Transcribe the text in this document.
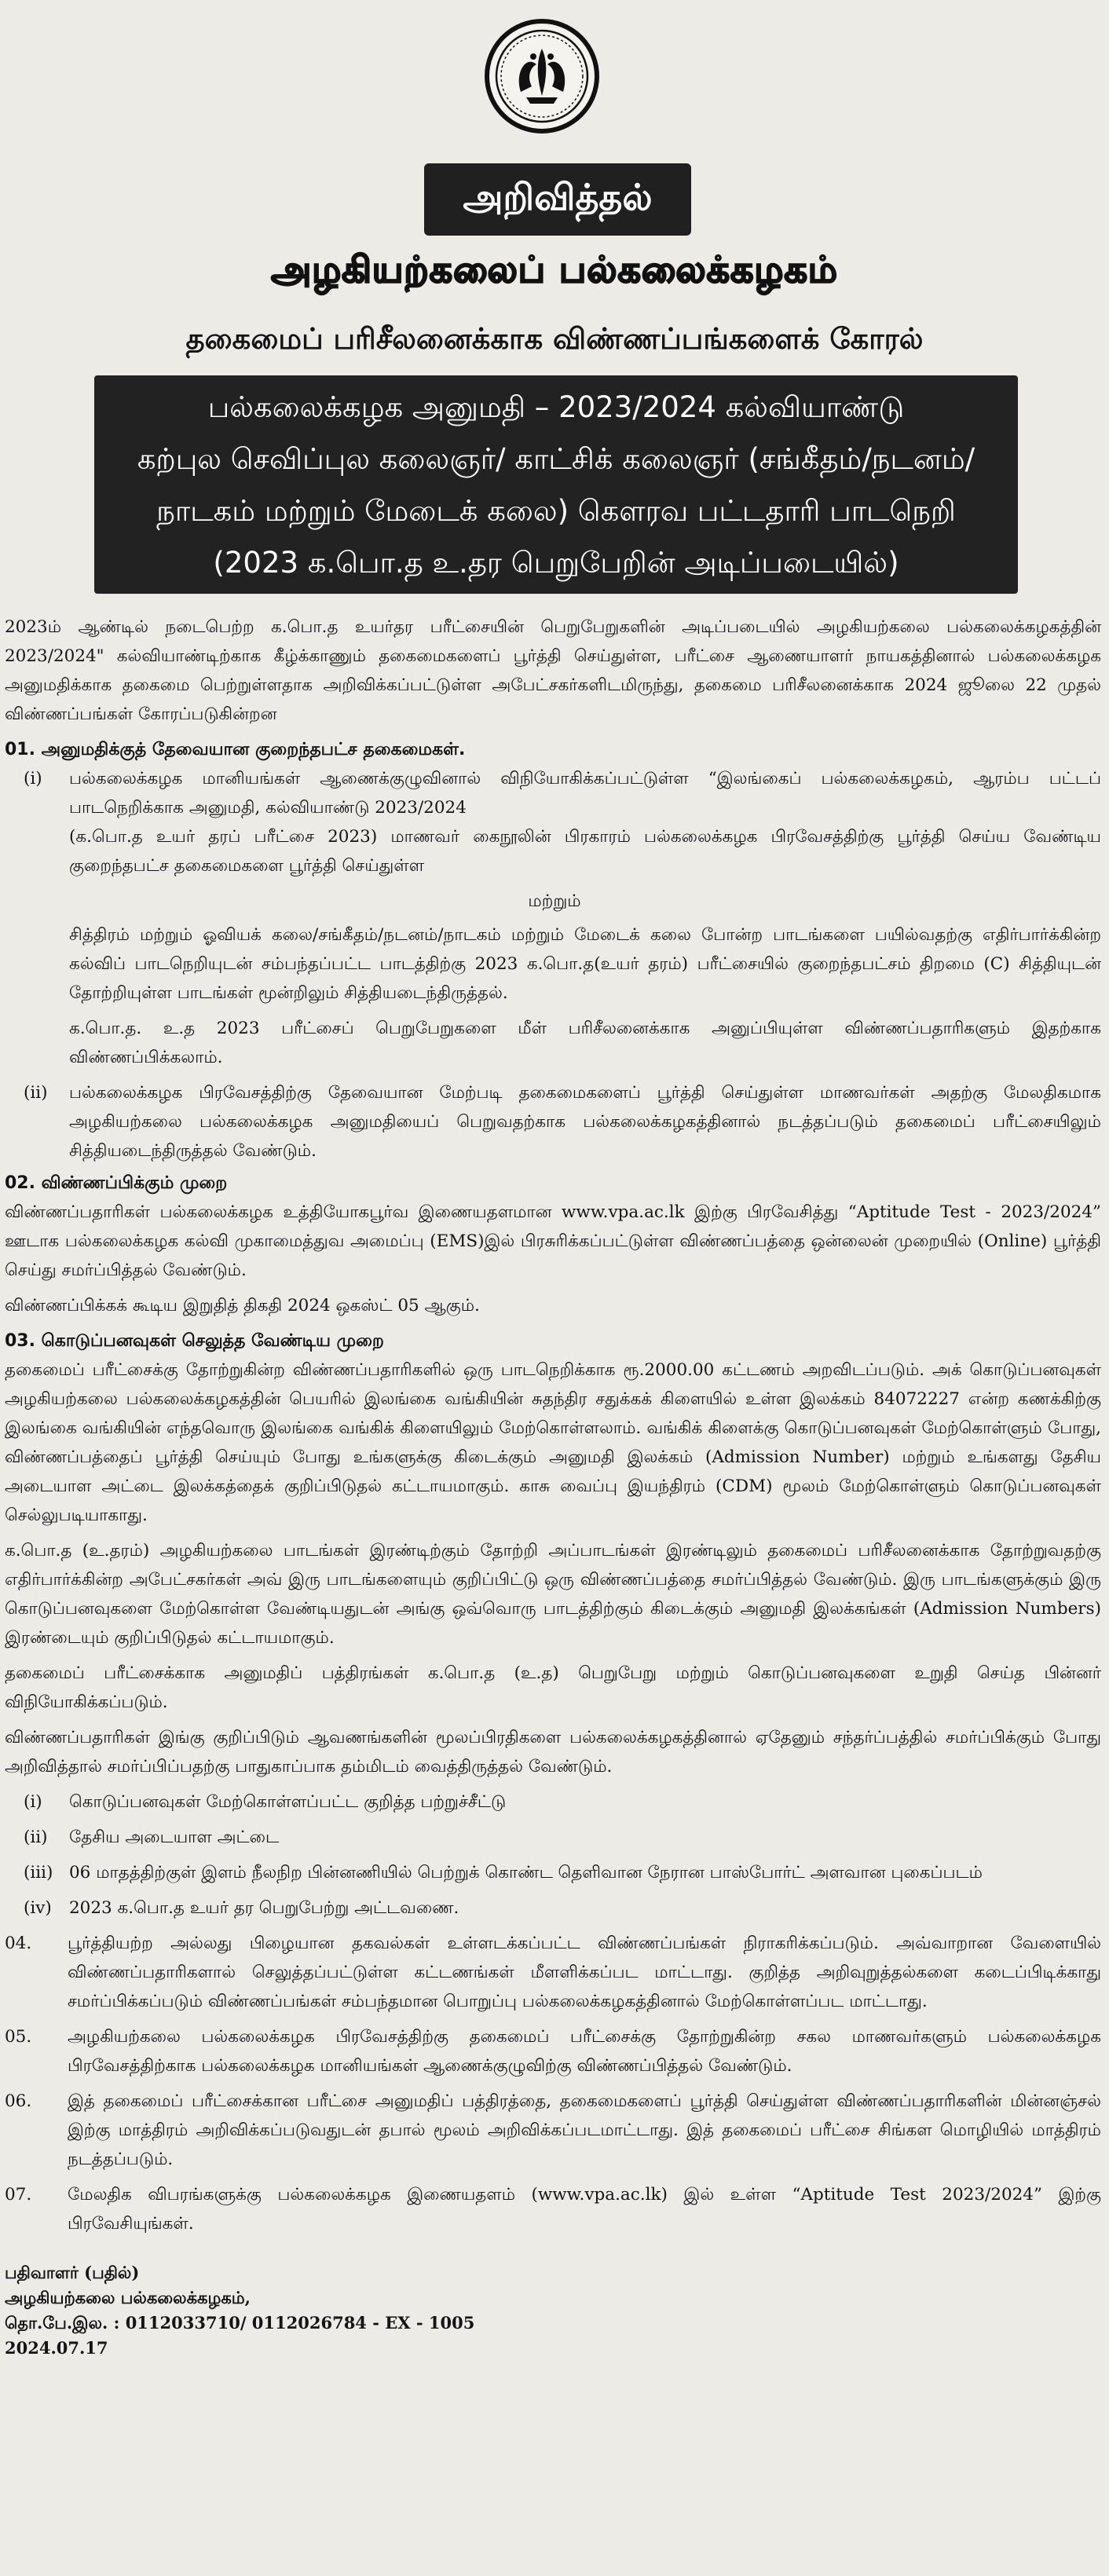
அறிவித்தல்
அழகியற்கலைப் பல்கலைக்கழகம்
தகைமைப் பரிசீலனைக்காக விண்ணப்பங்களைக் கோரல்
பல்கலைக்கழக அனுமதி – 2023/2024 கல்வியாண்டு
கற்புல செவிப்புல கலைஞர்/ காட்சிக் கலைஞர் (சங்கீதம்/நடனம்/
நாடகம் மற்றும் மேடைக் கலை) கௌரவ பட்டதாரி பாடநெறி
(2023 க.பொ.த உ.தர பெறுபேறின் அடிப்படையில்)
2023ம் ஆண்டில் நடைபெற்ற க.பொ.த உயர்தர பரீட்சையின் பெறுபேறுகளின் அடிப்படையில் அழகியற்கலை பல்கலைக்கழகத்தின் 2023/2024" கல்வியாண்டிற்காக கீழ்க்காணும் தகைமைகளைப் பூர்த்தி செய்துள்ள, பரீட்சை ஆணையாளர் நாயகத்தினால் பல்கலைக்கழக அனுமதிக்காக தகைமை பெற்றுள்ளதாக அறிவிக்கப்பட்டுள்ள அபேட்சகர்களிடமிருந்து, தகைமை பரிசீலனைக்காக 2024 ஜூலை 22 முதல் விண்ணப்பங்கள் கோரப்படுகின்றன
01. அனுமதிக்குத் தேவையான குறைந்தபட்ச தகைமைகள்.
(i)	பல்கலைக்கழக மானியங்கள் ஆணைக்குழுவினால் விநியோகிக்கப்பட்டுள்ள “இலங்கைப் பல்கலைக்கழகம், ஆரம்ப பட்டப் பாடநெறிக்காக அனுமதி, கல்வியாண்டு 2023/2024
(க.பொ.த உயர் தரப் பரீட்சை 2023) மாணவர் கைநூலின் பிரகாரம் பல்கலைக்கழக பிரவேசத்திற்கு பூர்த்தி செய்ய வேண்டிய குறைந்தபட்ச தகைமைகளை பூர்த்தி செய்துள்ள
மற்றும்
சித்திரம் மற்றும் ஓவியக் கலை/சங்கீதம்/நடனம்/நாடகம் மற்றும் மேடைக் கலை போன்ற பாடங்களை பயில்வதற்கு எதிர்பார்க்கின்ற கல்விப் பாடநெறியுடன் சம்பந்தப்பட்ட பாடத்திற்கு 2023 க.பொ.த(உயர் தரம்) பரீட்சையில் குறைந்தபட்சம் திறமை (C) சித்தியுடன் தோற்றியுள்ள பாடங்கள் மூன்றிலும் சித்தியடைந்திருத்தல்.
க.பொ.த. உ.த 2023 பரீட்சைப் பெறுபேறுகளை மீள் பரிசீலனைக்காக அனுப்பியுள்ள விண்ணப்பதாரிகளும் இதற்காக விண்ணப்பிக்கலாம்.
(ii)	பல்கலைக்கழக பிரவேசத்திற்கு தேவையான மேற்படி தகைமைகளைப் பூர்த்தி செய்துள்ள மாணவர்கள் அதற்கு மேலதிகமாக அழகியற்கலை பல்கலைக்கழக அனுமதியைப் பெறுவதற்காக பல்கலைக்கழகத்தினால் நடத்தப்படும் தகைமைப் பரீட்சையிலும் சித்தியடைந்திருத்தல் வேண்டும்.
02. விண்ணப்பிக்கும் முறை
விண்ணப்பதாரிகள் பல்கலைக்கழக உத்தியோகபூர்வ இணையதளமான www.vpa.ac.lk இற்கு பிரவேசித்து “Aptitude Test - 2023/2024” ஊடாக பல்கலைக்கழக கல்வி முகாமைத்துவ அமைப்பு (EMS)இல் பிரசுரிக்கப்பட்டுள்ள விண்ணப்பத்தை ஒன்லைன் முறையில் (Online) பூர்த்தி செய்து சமர்ப்பித்தல் வேண்டும்.
விண்ணப்பிக்கக் கூடிய இறுதித் திகதி 2024 ஒகஸ்ட் 05 ஆகும்.
03. கொடுப்பனவுகள் செலுத்த வேண்டிய முறை
தகைமைப் பரீட்சைக்கு தோற்றுகின்ற விண்ணப்பதாரிகளில் ஒரு பாடநெறிக்காக ரூ.2000.00 கட்டணம் அறவிடப்படும். அக் கொடுப்பனவுகள் அழகியற்கலை பல்கலைக்கழகத்தின் பெயரில் இலங்கை வங்கியின் சுதந்திர சதுக்கக் கிளையில் உள்ள இலக்கம் 84072227 என்ற கணக்கிற்கு இலங்கை வங்கியின் எந்தவொரு இலங்கை வங்கிக் கிளையிலும் மேற்கொள்ளலாம். வங்கிக் கிளைக்கு கொடுப்பனவுகள் மேற்கொள்ளும் போது, விண்ணப்பத்தைப் பூர்த்தி செய்யும் போது உங்களுக்கு கிடைக்கும் அனுமதி இலக்கம் (Admission Number) மற்றும் உங்களது தேசிய அடையாள அட்டை இலக்கத்தைக் குறிப்பிடுதல் கட்டாயமாகும். காசு வைப்பு இயந்திரம் (CDM) மூலம் மேற்கொள்ளும் கொடுப்பனவுகள் செல்லுபடியாகாது.
க.பொ.த (உ.தரம்) அழகியற்கலை பாடங்கள் இரண்டிற்கும் தோற்றி அப்பாடங்கள் இரண்டிலும் தகைமைப் பரிசீலனைக்காக தோற்றுவதற்கு எதிர்பார்க்கின்ற அபேட்சகர்கள் அவ் இரு பாடங்களையும் குறிப்பிட்டு ஒரு விண்ணப்பத்தை சமர்ப்பித்தல் வேண்டும். இரு பாடங்களுக்கும் இரு கொடுப்பனவுகளை மேற்கொள்ள வேண்டியதுடன் அங்கு ஒவ்வொரு பாடத்திற்கும் கிடைக்கும் அனுமதி இலக்கங்கள் (Admission Numbers) இரண்டையும் குறிப்பிடுதல் கட்டாயமாகும்.
தகைமைப் பரீட்சைக்காக அனுமதிப் பத்திரங்கள் க.பொ.த (உ.த) பெறுபேறு மற்றும் கொடுப்பனவுகளை உறுதி செய்த பின்னர் விநியோகிக்கப்படும்.
விண்ணப்பதாரிகள் இங்கு குறிப்பிடும் ஆவணங்களின் மூலப்பிரதிகளை பல்கலைக்கழகத்தினால் ஏதேனும் சந்தர்ப்பத்தில் சமர்ப்பிக்கும் போது அறிவித்தால் சமர்ப்பிப்பதற்கு பாதுகாப்பாக தம்மிடம் வைத்திருத்தல் வேண்டும்.
(i)	கொடுப்பனவுகள் மேற்கொள்ளப்பட்ட குறித்த பற்றுச்சீட்டு
(ii)	தேசிய அடையாள அட்டை
(iii) 06 மாதத்திற்குள் இளம் நீலநிற பின்னணியில் பெற்றுக் கொண்ட தெளிவான நேரான பாஸ்போர்ட் அளவான புகைப்படம்
(iv)	2023 க.பொ.த உயர் தர பெறுபேற்று அட்டவணை.
04.	பூர்த்தியற்ற அல்லது பிழையான தகவல்கள் உள்ளடக்கப்பட்ட விண்ணப்பங்கள் நிராகரிக்கப்படும். அவ்வாறான வேளையில் விண்ணப்பதாரிகளால் செலுத்தப்பட்டுள்ள கட்டணங்கள் மீளளிக்கப்பட மாட்டாது. குறித்த அறிவுறுத்தல்களை கடைப்பிடிக்காது சமர்ப்பிக்கப்படும் விண்ணப்பங்கள் சம்பந்தமான பொறுப்பு பல்கலைக்கழகத்தினால் மேற்கொள்ளப்பட மாட்டாது.
05.	அழகியற்கலை பல்கலைக்கழக பிரவேசத்திற்கு தகைமைப் பரீட்சைக்கு தோற்றுகின்ற சகல மாணவர்களும் பல்கலைக்கழக பிரவேசத்திற்காக பல்கலைக்கழக மானியங்கள் ஆணைக்குழுவிற்கு விண்ணப்பித்தல் வேண்டும்.
06.	இத் தகைமைப் பரீட்சைக்கான பரீட்சை அனுமதிப் பத்திரத்தை, தகைமைகளைப் பூர்த்தி செய்துள்ள விண்ணப்பதாரிகளின் மின்னஞ்சல் இற்கு மாத்திரம் அறிவிக்கப்படுவதுடன் தபால் மூலம் அறிவிக்கப்படமாட்டாது. இத் தகைமைப் பரீட்சை சிங்கள மொழியில் மாத்திரம் நடத்தப்படும்.
07.	மேலதிக விபரங்களுக்கு பல்கலைக்கழக இணையதளம் (www.vpa.ac.lk) இல் உள்ள “Aptitude Test 2023/2024” இற்கு பிரவேசியுங்கள்.
பதிவாளர் (பதில்)
அழகியற்கலை பல்கலைக்கழகம்,
தொ.பே.இல. : 0112033710/ 0112026784 - EX - 1005
2024.07.17
